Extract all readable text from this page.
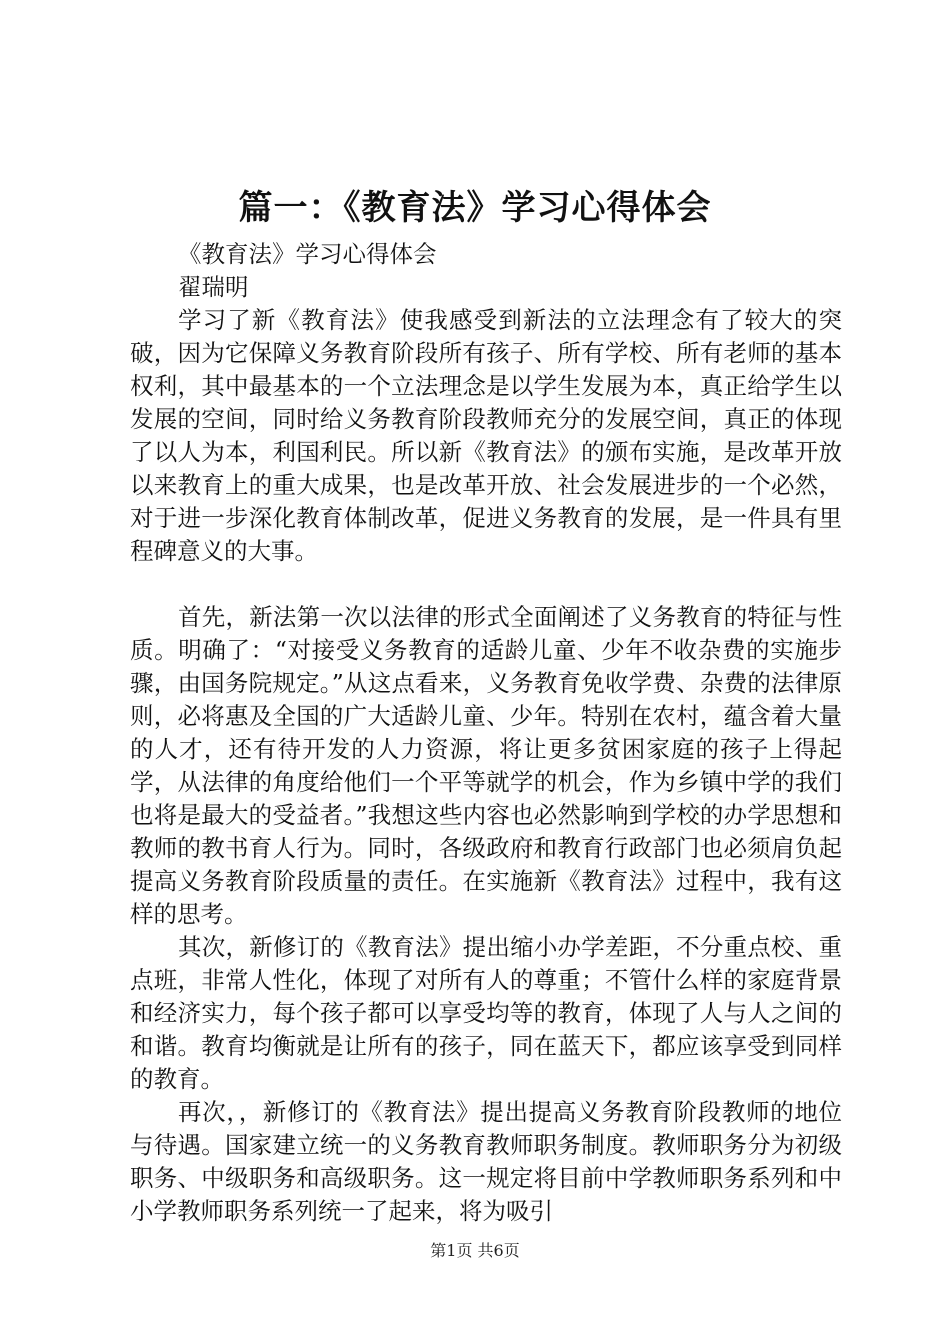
篇一：《教育法》学习心得体会

《教育法》学习心得体会

翟瑞明

学习了新《教育法》使我感受到新法的立法理念有了较大的突破，因为它保障义务教育阶段所有孩子、所有学校、所有老师的基本权利，其中最基本的一个立法理念是以学生发展为本，真正给学生以发展的空间，同时给义务教育阶段教师充分的发展空间，真正的体现了以人为本，利国利民。所以新《教育法》的颁布实施，是改革开放以来教育上的重大成果，也是改革开放、社会发展进步的一个必然，对于进一步深化教育体制改革，促进义务教育的发展，是一件具有里程碑意义的大事。

首先，新法第一次以法律的形式全面阐述了义务教育的特征与性质。明确了：“对接受义务教育的适龄儿童、少年不收杂费的实施步骤，由国务院规定。”从这点看来，义务教育免收学费、杂费的法律原则，必将惠及全国的广大适龄儿童、少年。特别在农村，蕴含着大量的人才，还有待开发的人力资源，将让更多贫困家庭的孩子上得起学，从法律的角度给他们一个平等就学的机会，作为乡镇中学的我们也将是最大的受益者。”我想这些内容也必然影响到学校的办学思想和教师的教书育人行为。同时，各级政府和教育行政部门也必须肩负起提高义务教育阶段质量的责任。在实施新《教育法》过程中，我有这样的思考。

其次，新修订的《教育法》提出缩小办学差距，不分重点校、重点班，非常人性化，体现了对所有人的尊重；不管什么样的家庭背景和经济实力，每个孩子都可以享受均等的教育，体现了人与人之间的和谐。教育均衡就是让所有的孩子，同在蓝天下，都应该享受到同样的教育。

再次，，新修订的《教育法》提出提高义务教育阶段教师的地位与待遇。国家建立统一的义务教育教师职务制度。教师职务分为初级职务、中级职务和高级职务。这一规定将目前中学教师职务系列和中小学教师职务系列统一了起来，将为吸引

第1页 共6页
